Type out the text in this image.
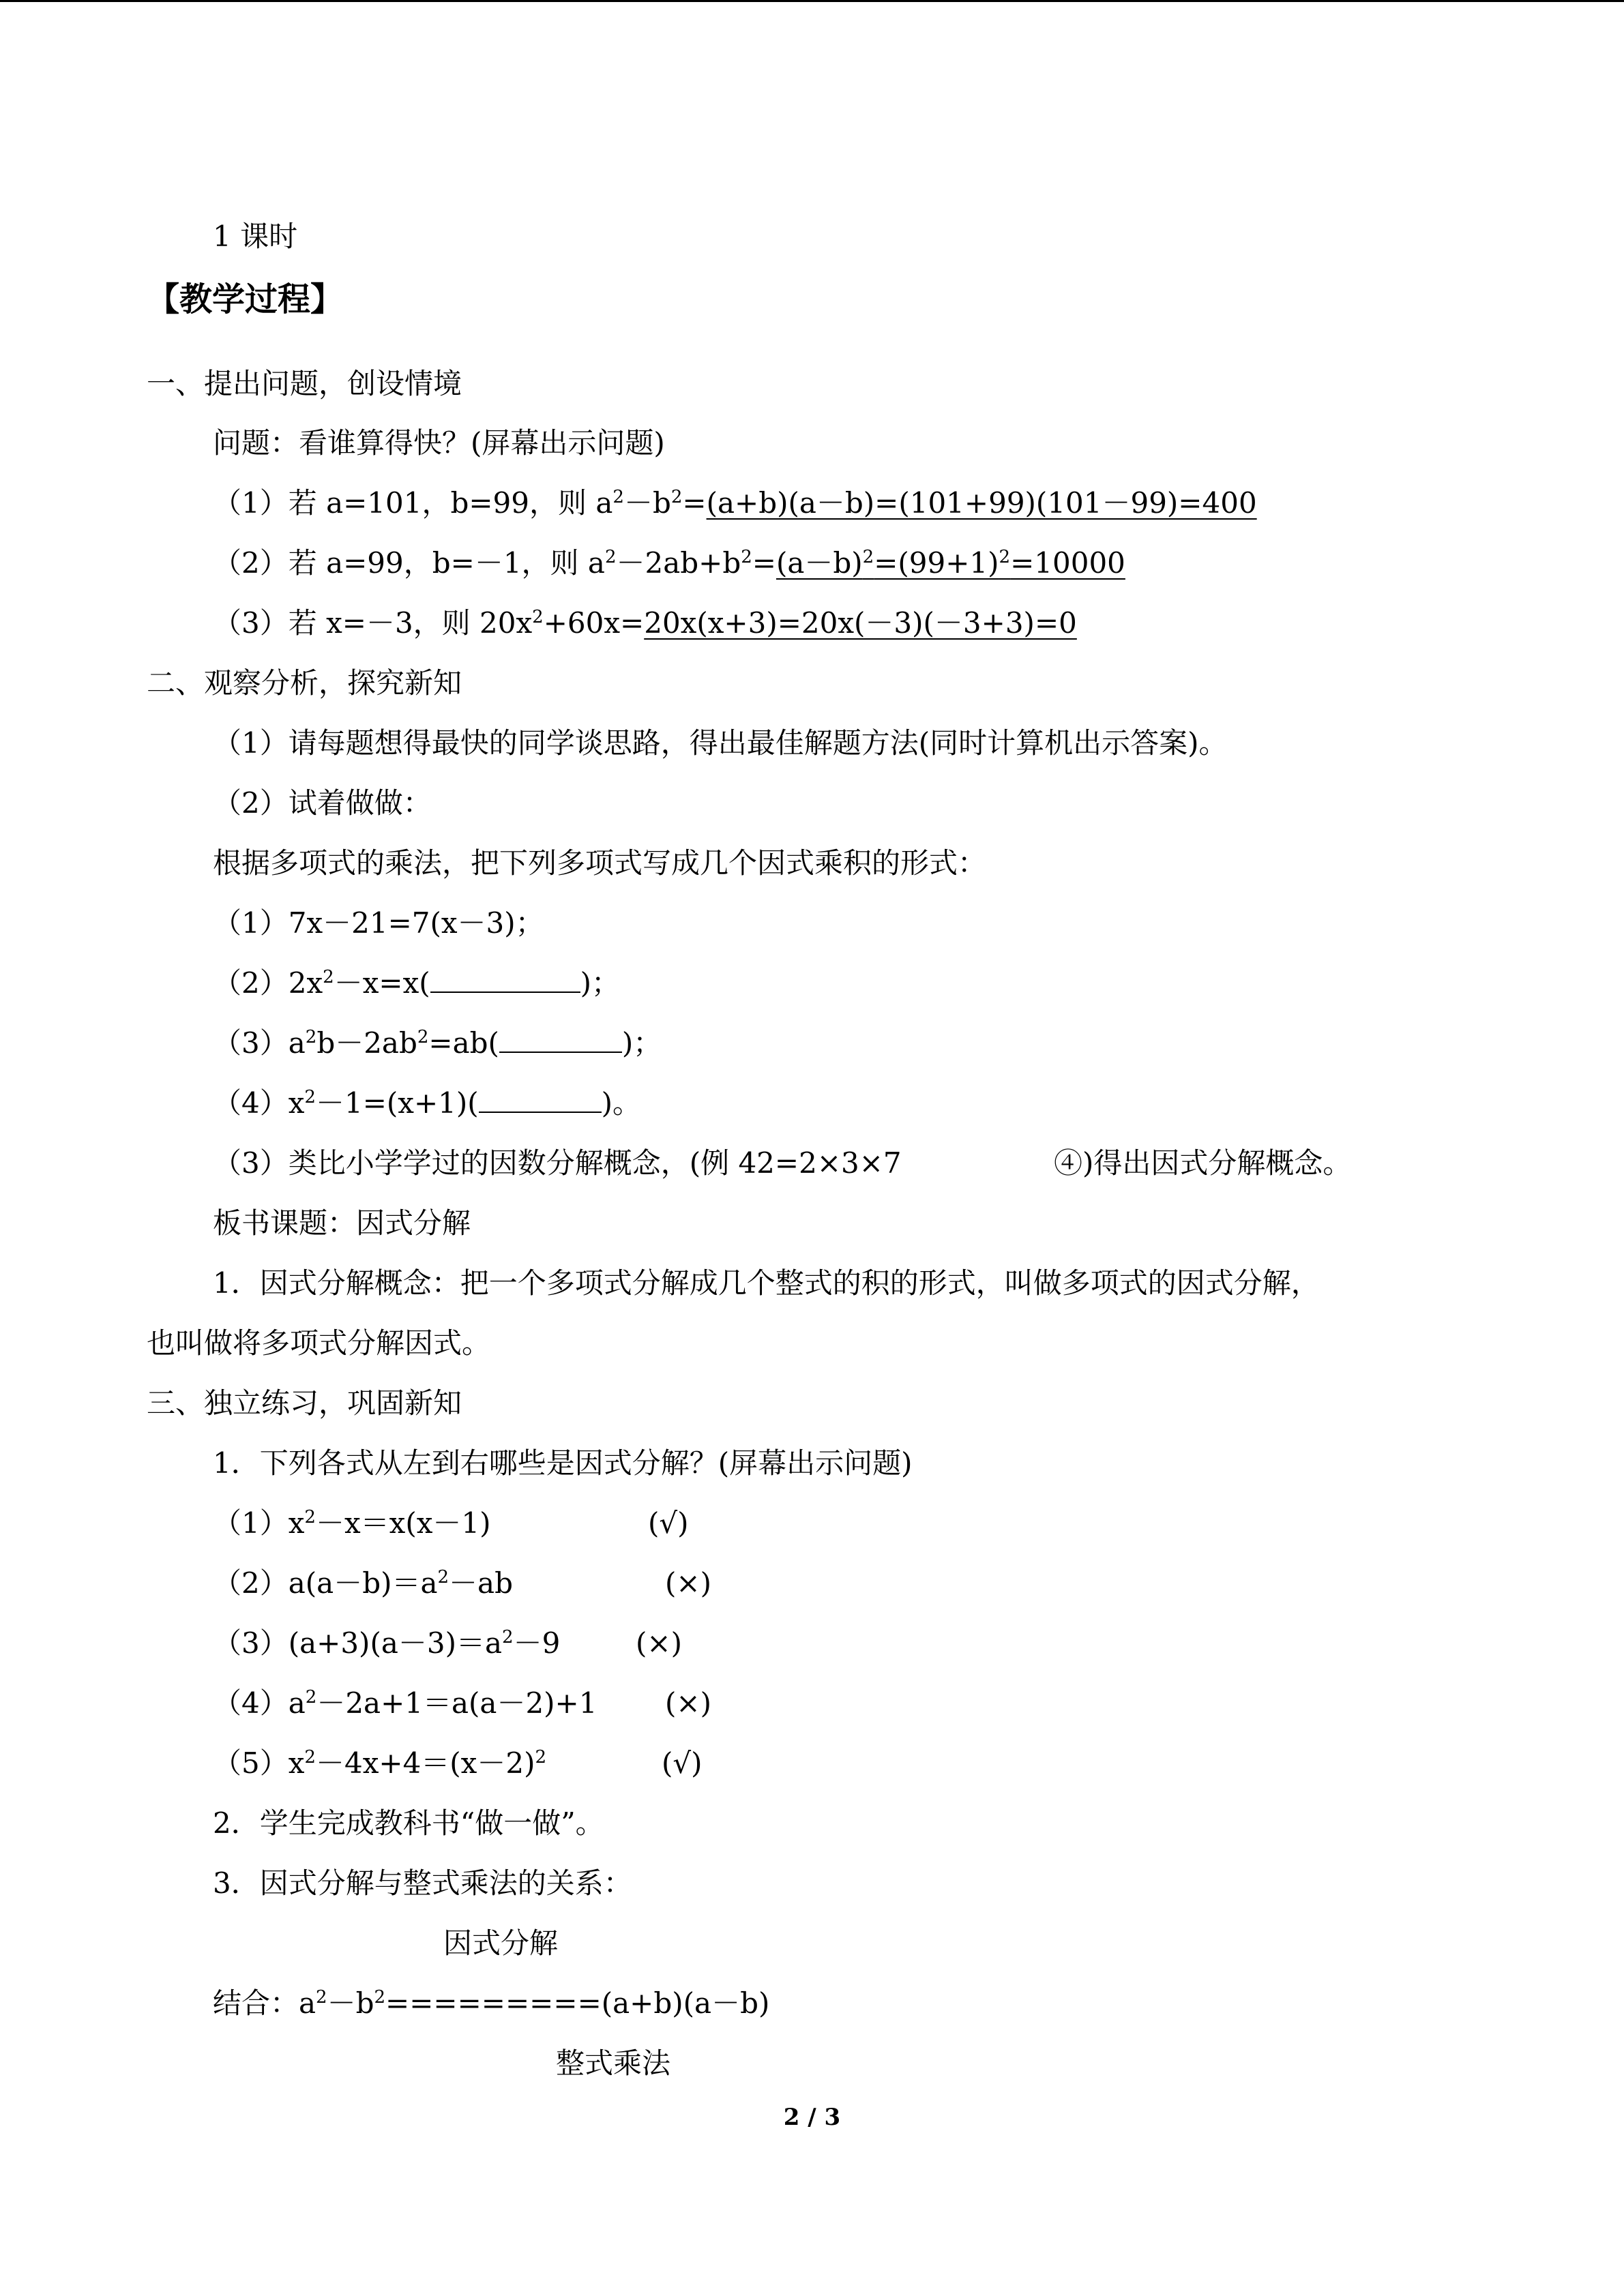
1 课时
【教学过程】
一、提出问题，创设情境
问题：看谁算得快？(屏幕出示问题)
（1）若 a=101，b=99，则 $a^2-b^2=(a+b)(a-b)=(101+99)(101-99)=400$
（2）若 a=99，b=－1，则 $a^2-2ab+b^2=(a-b)^2=(99+1)^2=10000$
（3）若 x=－3，则 $20x^2+60x=20x(x+3)=20x(-3)(-3+3)=0$
二、观察分析，探究新知
（1）请每题想得最快的同学谈思路，得出最佳解题方法(同时计算机出示答案)。
（2）试着做做：
根据多项式的乘法，把下列多项式写成几个因式乘积的形式：
（1）7x－21=7(x－3)；
$(2)2x^2-x=x$(	)；
$(3)a^2b-2ab^2=ab$(	)；
$(4)x^2-1=(x+1)$(	)。
（3）类比小学学过的因数分解概念，(例 42=2×3×7	④)得出因式分解概念。
板书课题：因式分解
1．因式分解概念：把一个多项式分解成几个整式的积的形式，叫做多项式的因式分解，
也叫做将多项式分解因式。
三、独立练习，巩固新知
1．下列各式从左到右哪些是因式分解？(屏幕出示问题)
$(1)x^2-x=x(x-1)$	(√)
$(2)a(a-b)=a^2-ab$	(×)
$(3)(a+3)(a-3)=a^2-9$	(×)
$(4)a^2-2a+1=a(a-2)+1$ (×)
$(5)x^2-4x+4=(x-2)^2$	(√)
2．学生完成教科书“做一做”。
3．因式分解与整式乘法的关系：
因式分解
结合：$a^2-b^2=========(a+b)(a-b)$
整式乘法
2 / 3
